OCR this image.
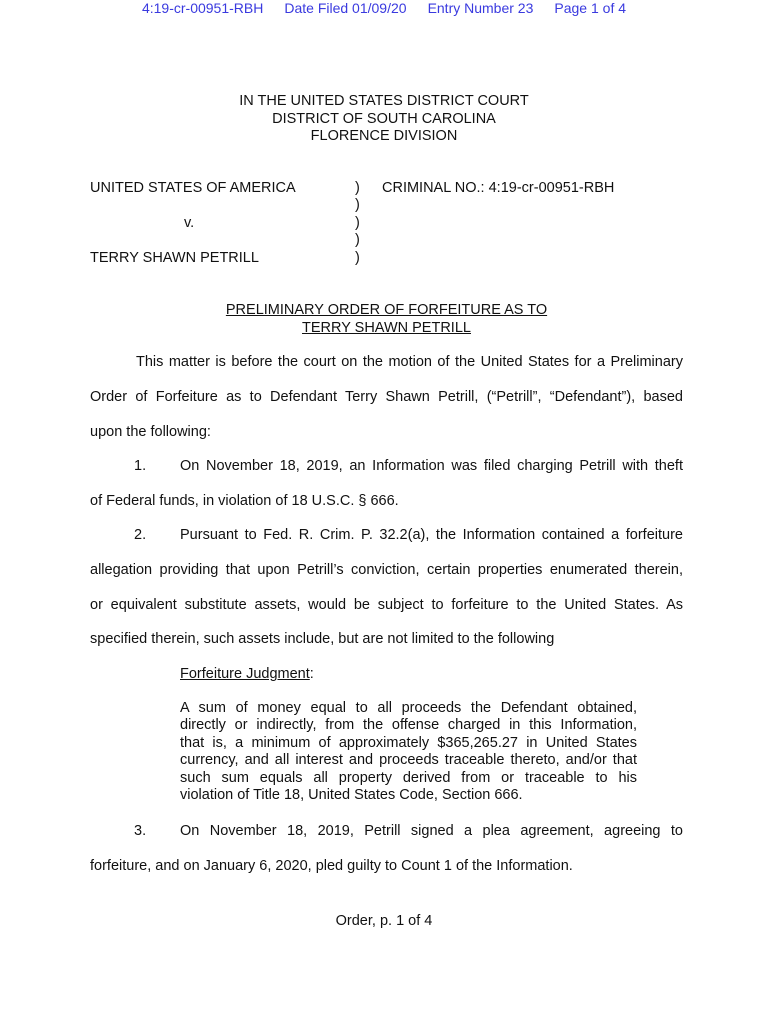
4:19-cr-00951-RBH Date Filed 01/09/20 Entry Number 23 Page 1 of 4
IN THE UNITED STATES DISTRICT COURT
DISTRICT OF SOUTH CAROLINA
FLORENCE DIVISION
UNITED STATES OF AMERICA
v.
TERRY SHAWN PETRILL
)
)
)
)
)
CRIMINAL NO.: 4:19-cr-00951-RBH
PRELIMINARY ORDER OF FORFEITURE AS TO
TERRY SHAWN PETRILL
This matter is before the court on the motion of the United States for a Preliminary
Order of Forfeiture as to Defendant Terry Shawn Petrill, (“Petrill”, “Defendant”), based
upon the following:
1. On November 18, 2019, an Information was filed charging Petrill with theft
of Federal funds, in violation of 18 U.S.C. § 666.
2. Pursuant to Fed. R. Crim. P. 32.2(a), the Information contained a forfeiture
allegation providing that upon Petrill’s conviction, certain properties enumerated therein,
or equivalent substitute assets, would be subject to forfeiture to the United States. As
specified therein, such assets include, but are not limited to the following
Forfeiture Judgment:
A sum of money equal to all proceeds the Defendant obtained,
directly or indirectly, from the offense charged in this Information,
that is, a minimum of approximately $365,265.27 in United States
currency, and all interest and proceeds traceable thereto, and/or that
such sum equals all property derived from or traceable to his
violation of Title 18, United States Code, Section 666.
3. On November 18, 2019, Petrill signed a plea agreement, agreeing to
forfeiture, and on January 6, 2020, pled guilty to Count 1 of the Information.
Order, p. 1 of 4
